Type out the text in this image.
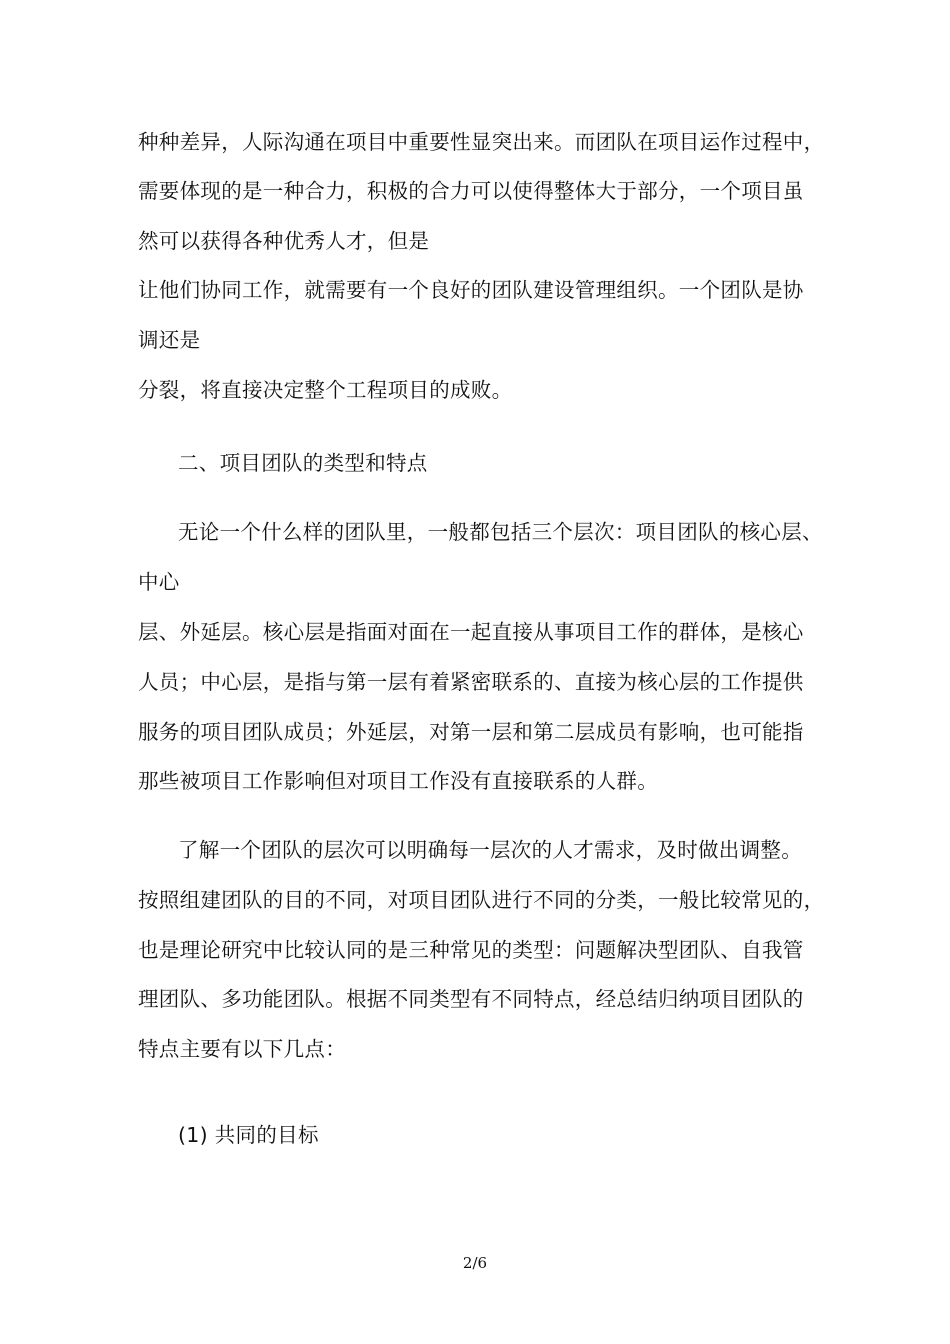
种种差异，人际沟通在项目中重要性显突出来。而团队在项目运作过程中，
需要体现的是一种合力，积极的合力可以使得整体大于部分，一个项目虽
然可以获得各种优秀人才，但是
让他们协同工作，就需要有一个良好的团队建设管理组织。一个团队是协
调还是
分裂，将直接决定整个工程项目的成败。
二、项目团队的类型和特点
无论一个什么样的团队里，一般都包括三个层次：项目团队的核心层、
中心
层、外延层。核心层是指面对面在一起直接从事项目工作的群体，是核心
人员；中心层，是指与第一层有着紧密联系的、直接为核心层的工作提供
服务的项目团队成员；外延层，对第一层和第二层成员有影响，也可能指
那些被项目工作影响但对项目工作没有直接联系的人群。
了解一个团队的层次可以明确每一层次的人才需求，及时做出调整。
按照组建团队的目的不同，对项目团队进行不同的分类，一般比较常见的，
也是理论研究中比较认同的是三种常见的类型：问题解决型团队、自我管
理团队、多功能团队。根据不同类型有不同特点，经总结归纳项目团队的
特点主要有以下几点：
(1) 共同的目标
2/6
